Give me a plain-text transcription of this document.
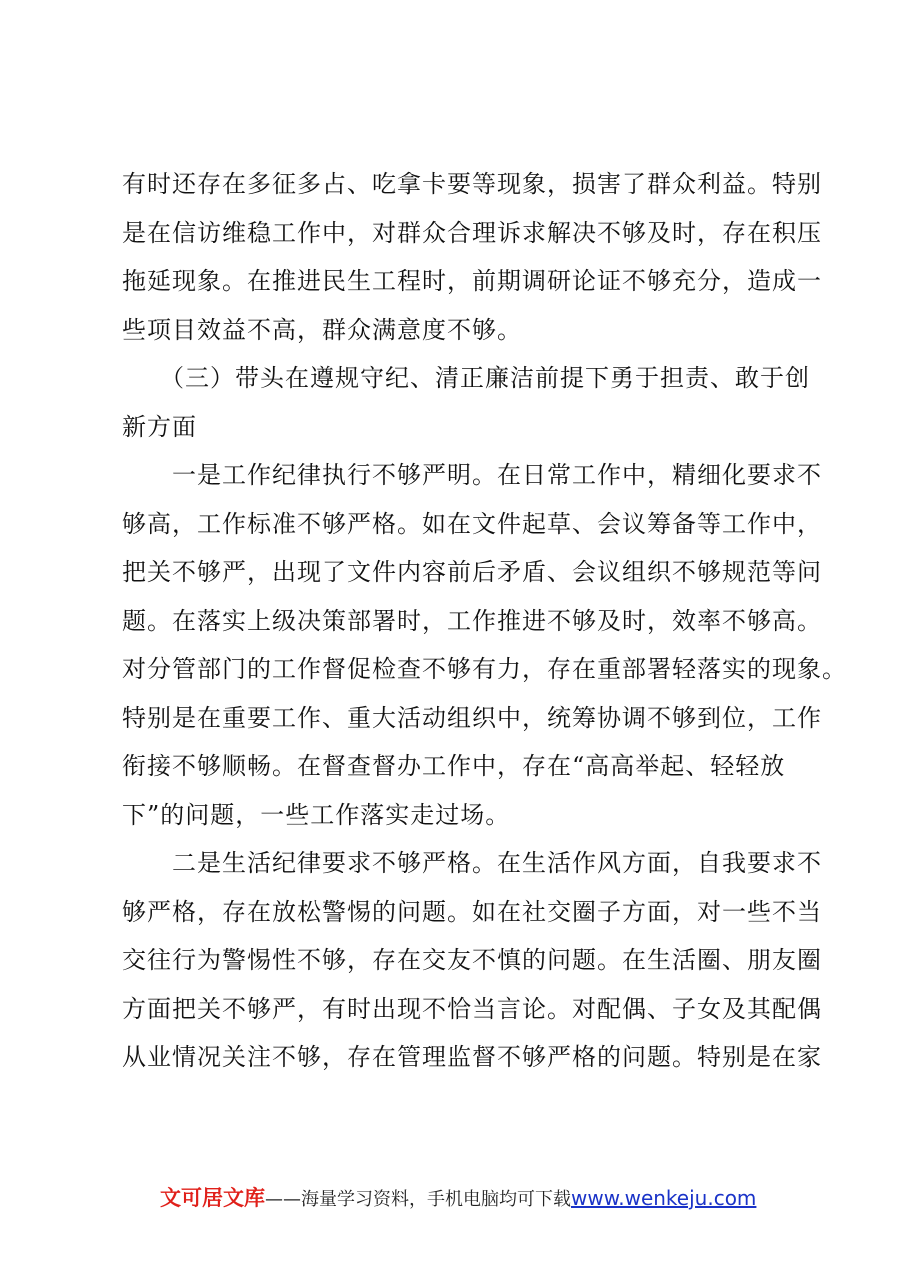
有时还存在多征多占、吃拿卡要等现象，损害了群众利益。特别
是在信访维稳工作中，对群众合理诉求解决不够及时，存在积压
拖延现象。在推进民生工程时，前期调研论证不够充分，造成一
些项目效益不高，群众满意度不够。
　　（三）带头在遵规守纪、清正廉洁前提下勇于担责、敢于创
新方面
　　一是工作纪律执行不够严明。在日常工作中，精细化要求不
够高，工作标准不够严格。如在文件起草、会议筹备等工作中，
把关不够严，出现了文件内容前后矛盾、会议组织不够规范等问
题。在落实上级决策部署时，工作推进不够及时，效率不够高。
对分管部门的工作督促检查不够有力，存在重部署轻落实的现象。
特别是在重要工作、重大活动组织中，统筹协调不够到位，工作
衔接不够顺畅。在督查督办工作中，存在“高高举起、轻轻放
下”的问题，一些工作落实走过场。
　　二是生活纪律要求不够严格。在生活作风方面，自我要求不
够严格，存在放松警惕的问题。如在社交圈子方面，对一些不当
交往行为警惕性不够，存在交友不慎的问题。在生活圈、朋友圈
方面把关不够严，有时出现不恰当言论。对配偶、子女及其配偶
从业情况关注不够，存在管理监督不够严格的问题。特别是在家
文可居文库——海量学习资料，手机电脑均可下载www.wenkeju.com
